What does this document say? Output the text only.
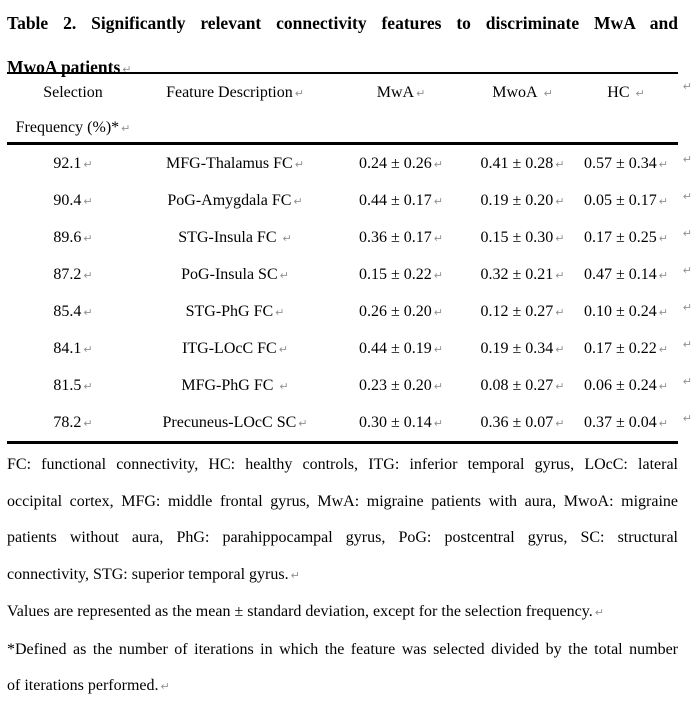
Table 2. Significantly relevant connectivity features to discriminate MwA and
MwoA patients ↵
Selection
Frequency (%)* ↵
Feature Description ↵	MwA ↵	MwoA ↵	HC ↵
↵
92.1 ↵	MFG-Thalamus FC ↵	0.24 ± 0.26 ↵	0.41 ± 0.28 ↵	0.57 ± 0.34 ↵	↵
90.4 ↵	PoG-Amygdala FC ↵	0.44 ± 0.17 ↵	0.19 ± 0.20 ↵	0.05 ± 0.17 ↵	↵
89.6 ↵	STG-Insula FC ↵	0.36 ± 0.17 ↵	0.15 ± 0.30 ↵	0.17 ± 0.25 ↵	↵
87.2 ↵	PoG-Insula SC ↵	0.15 ± 0.22 ↵	0.32 ± 0.21 ↵	0.47 ± 0.14 ↵	↵
85.4 ↵	STG-PhG FC ↵	0.26 ± 0.20 ↵	0.12 ± 0.27 ↵	0.10 ± 0.24 ↵	↵
84.1 ↵	ITG-LOcC FC ↵	0.44 ± 0.19 ↵	0.19 ± 0.34 ↵	0.17 ± 0.22 ↵	↵
81.5 ↵	MFG-PhG FC ↵	0.23 ± 0.20 ↵	0.08 ± 0.27 ↵	0.06 ± 0.24 ↵	↵
78.2 ↵	Precuneus-LOcC SC ↵	0.30 ± 0.14 ↵	0.36 ± 0.07 ↵	0.37 ± 0.04 ↵	↵
FC: functional connectivity, HC: healthy controls, ITG: inferior temporal gyrus, LOcC: lateral
occipital cortex, MFG: middle frontal gyrus, MwA: migraine patients with aura, MwoA: migraine
patients without aura, PhG: parahippocampal gyrus, PoG: postcentral gyrus, SC: structural
connectivity, STG: superior temporal gyrus. ↵
Values are represented as the mean ± standard deviation, except for the selection frequency. ↵
*Defined as the number of iterations in which the feature was selected divided by the total number
of iterations performed. ↵
